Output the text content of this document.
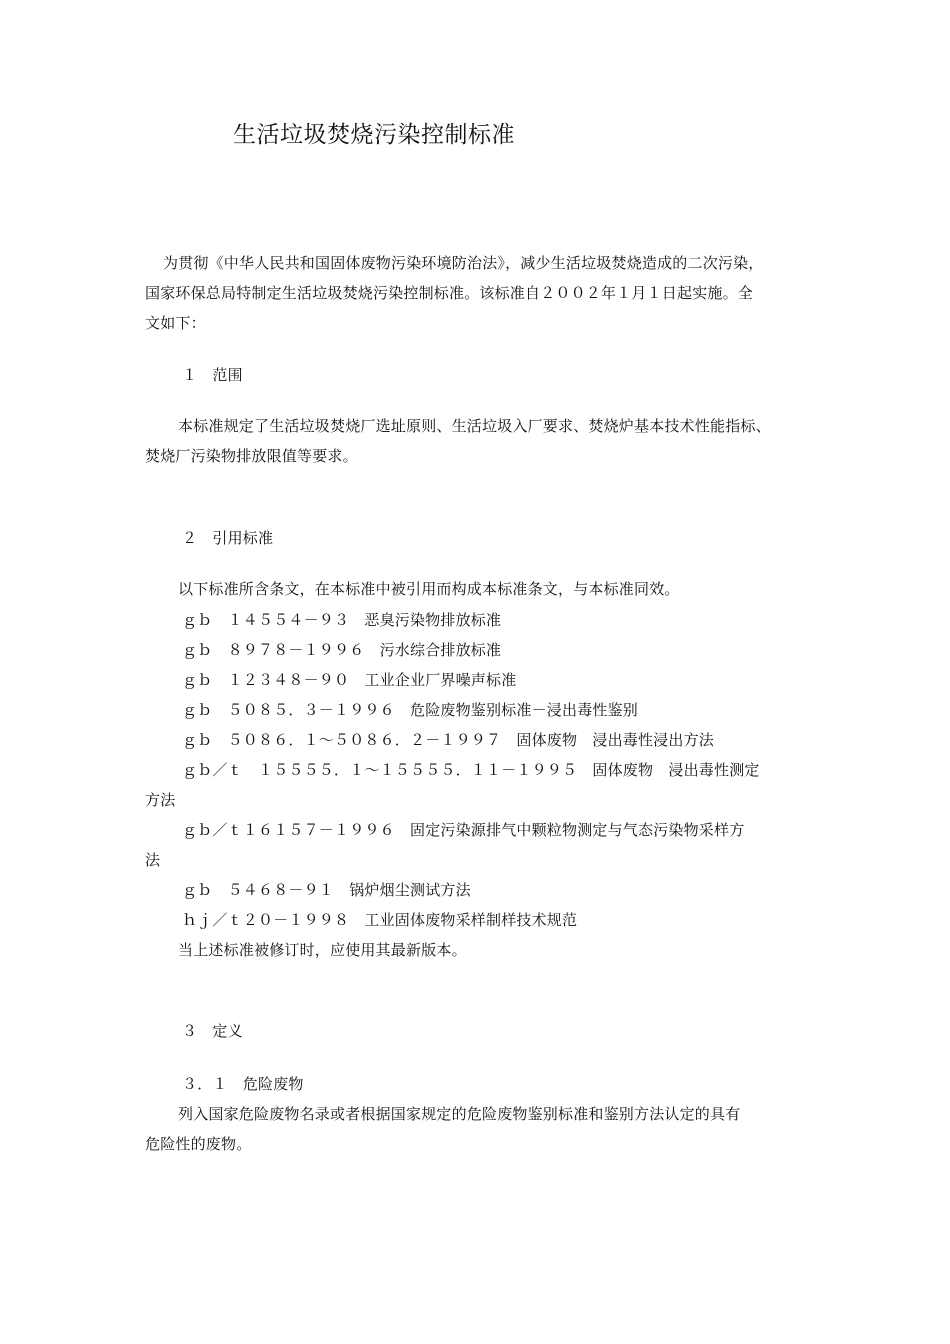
生活垃圾焚烧污染控制标准
为贯彻《中华人民共和国固体废物污染环境防治法》，减少生活垃圾焚烧造成的二次污染，
国家环保总局特制定生活垃圾焚烧污染控制标准。该标准自２００２年１月１日起实施。全
文如下：
１　范围
本标准规定了生活垃圾焚烧厂选址原则、生活垃圾入厂要求、焚烧炉基本技术性能指标、
焚烧厂污染物排放限值等要求。
２　引用标准
以下标准所含条文，在本标准中被引用而构成本标准条文，与本标准同效。
ｇｂ　１４５５４－９３　恶臭污染物排放标准
ｇｂ　８９７８－１９９６　污水综合排放标准
ｇｂ　１２３４８－９０　工业企业厂界噪声标准
ｇｂ　５０８５．３－１９９６　危险废物鉴别标准－浸出毒性鉴别
ｇｂ　５０８６．１～５０８６．２－１９９７　固体废物　浸出毒性浸出方法
ｇｂ／ｔ　１５５５５．１～１５５５５．１１－１９９５　固体废物　浸出毒性测定
方法
ｇｂ／ｔ１６１５７－１９９６　固定污染源排气中颗粒物测定与气态污染物采样方
法
ｇｂ　５４６８－９１　锅炉烟尘测试方法
ｈｊ／ｔ２０－１９９８　工业固体废物采样制样技术规范
当上述标准被修订时，应使用其最新版本。
３　定义
３．１　危险废物
列入国家危险废物名录或者根据国家规定的危险废物鉴别标准和鉴别方法认定的具有
危险性的废物。
